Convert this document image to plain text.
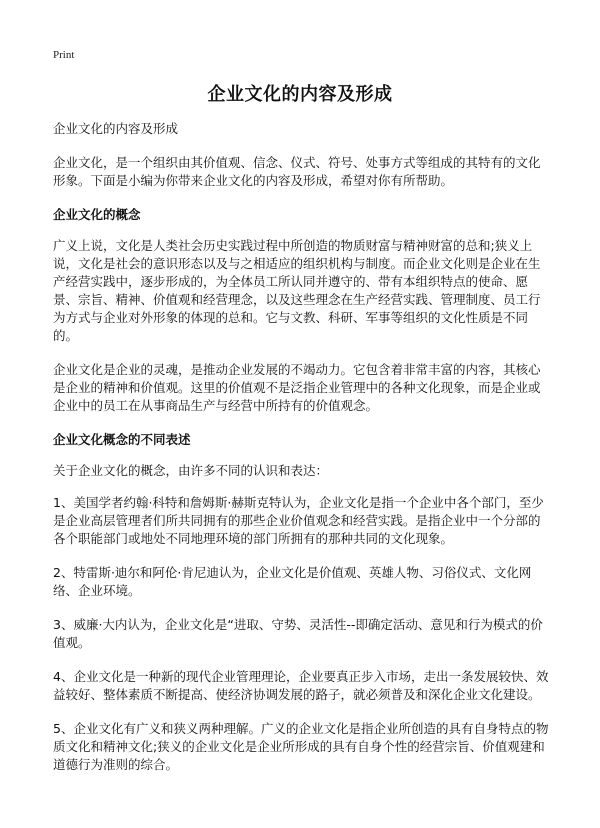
Print
企业文化的内容及形成

企业文化的内容及形成

企业文化，是一个组织由其价值观、信念、仪式、符号、处事方式等组成的其特有的文化形象。下面是小编为你带来企业文化的内容及形成，希望对你有所帮助。

企业文化的概念

广义上说，文化是人类社会历史实践过程中所创造的物质财富与精神财富的总和;狭义上说，文化是社会的意识形态以及与之相适应的组织机构与制度。而企业文化则是企业在生产经营实践中，逐步形成的，为全体员工所认同并遵守的、带有本组织特点的使命、愿景、宗旨、精神、价值观和经营理念，以及这些理念在生产经营实践、管理制度、员工行为方式与企业对外形象的体现的总和。它与文教、科研、军事等组织的文化性质是不同的。

企业文化是企业的灵魂，是推动企业发展的不竭动力。它包含着非常丰富的内容，其核心是企业的精神和价值观。这里的价值观不是泛指企业管理中的各种文化现象，而是企业或企业中的员工在从事商品生产与经营中所持有的价值观念。

企业文化概念的不同表述

关于企业文化的概念，由许多不同的认识和表达：

1、美国学者约翰·科特和詹姆斯·赫斯克特认为，企业文化是指一个企业中各个部门，至少是企业高层管理者们所共同拥有的那些企业价值观念和经营实践。是指企业中一个分部的各个职能部门或地处不同地理环境的部门所拥有的那种共同的文化现象。

2、特雷斯·迪尔和阿伦·肯尼迪认为，企业文化是价值观、英雄人物、习俗仪式、文化网络、企业环境。

3、威廉·大内认为，企业文化是“进取、守势、灵活性--即确定活动、意见和行为模式的价值观。

4、企业文化是一种新的现代企业管理理论，企业要真正步入市场，走出一条发展较快、效益较好、整体素质不断提高、使经济协调发展的路子，就必须普及和深化企业文化建设。

5、企业文化有广义和狭义两种理解。广义的企业文化是指企业所创造的具有自身特点的物质文化和精神文化;狭义的企业文化是企业所形成的具有自身个性的经营宗旨、价值观建和道德行为准则的综合。
